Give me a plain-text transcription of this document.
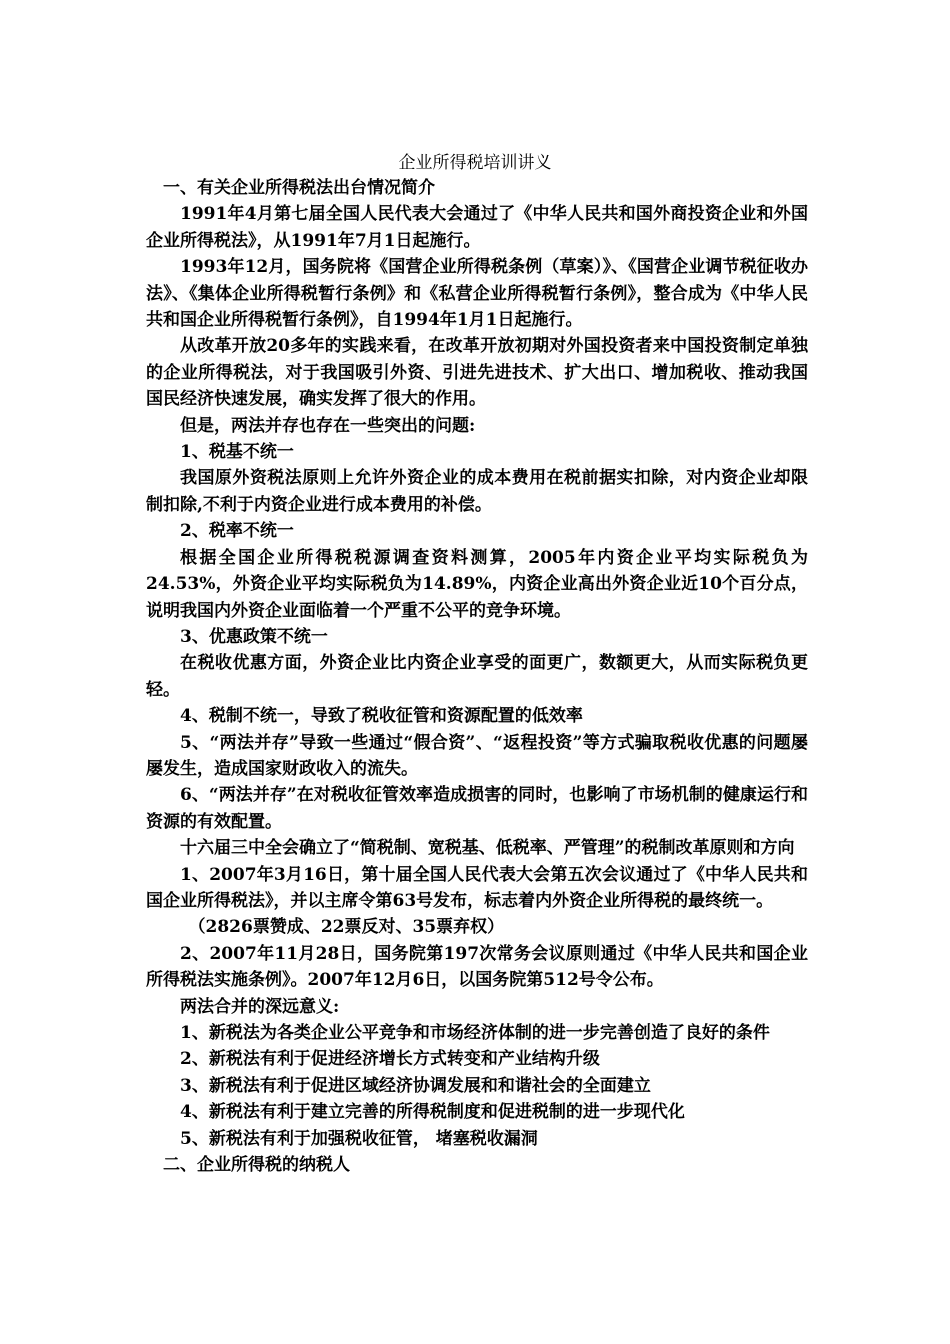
企业所得税培训讲义

一、有关企业所得税法出台情况简介

1991年4月第七届全国人民代表大会通过了《中华人民共和国外商投资企业和外国企业所得税法》，从1991年7月1日起施行。

1993年12月，国务院将《国营企业所得税条例（草案）》、《国营企业调节税征收办法》、《集体企业所得税暂行条例》和《私营企业所得税暂行条例》，整合成为《中华人民共和国企业所得税暂行条例》，自1994年1月1日起施行。

从改革开放20多年的实践来看，在改革开放初期对外国投资者来中国投资制定单独的企业所得税法，对于我国吸引外资、引进先进技术、扩大出口、增加税收、推动我国国民经济快速发展，确实发挥了很大的作用。

但是，两法并存也存在一些突出的问题:

1、税基不统一

我国原外资税法原则上允许外资企业的成本费用在税前据实扣除，对内资企业却限制扣除,不利于内资企业进行成本费用的补偿。

2、税率不统一

根据全国企业所得税税源调查资料测算，2005年内资企业平均实际税负为24.53%，外资企业平均实际税负为14.89%，内资企业高出外资企业近10个百分点，说明我国内外资企业面临着一个严重不公平的竞争环境。

3、优惠政策不统一

在税收优惠方面，外资企业比内资企业享受的面更广，数额更大，从而实际税负更轻。

4、税制不统一，导致了税收征管和资源配置的低效率

5、“两法并存”导致一些通过“假合资”、“返程投资”等方式骗取税收优惠的问题屡屡发生，造成国家财政收入的流失。

6、“两法并存”在对税收征管效率造成损害的同时，也影响了市场机制的健康运行和资源的有效配置。

十六届三中全会确立了“简税制、宽税基、低税率、严管理”的税制改革原则和方向

1、2007年3月16日，第十届全国人民代表大会第五次会议通过了《中华人民共和国企业所得税法》，并以主席令第63号发布，标志着内外资企业所得税的最终统一。

（2826票赞成、22票反对、35票弃权）

2、2007年11月28日，国务院第197次常务会议原则通过《中华人民共和国企业所得税法实施条例》。2007年12月6日，以国务院第512号令公布。

两法合并的深远意义:

1、新税法为各类企业公平竞争和市场经济体制的进一步完善创造了良好的条件

2、新税法有利于促进经济增长方式转变和产业结构升级

3、新税法有利于促进区域经济协调发展和和谐社会的全面建立

4、新税法有利于建立完善的所得税制度和促进税制的进一步现代化

5、新税法有利于加强税收征管， 堵塞税收漏洞

二、企业所得税的纳税人
